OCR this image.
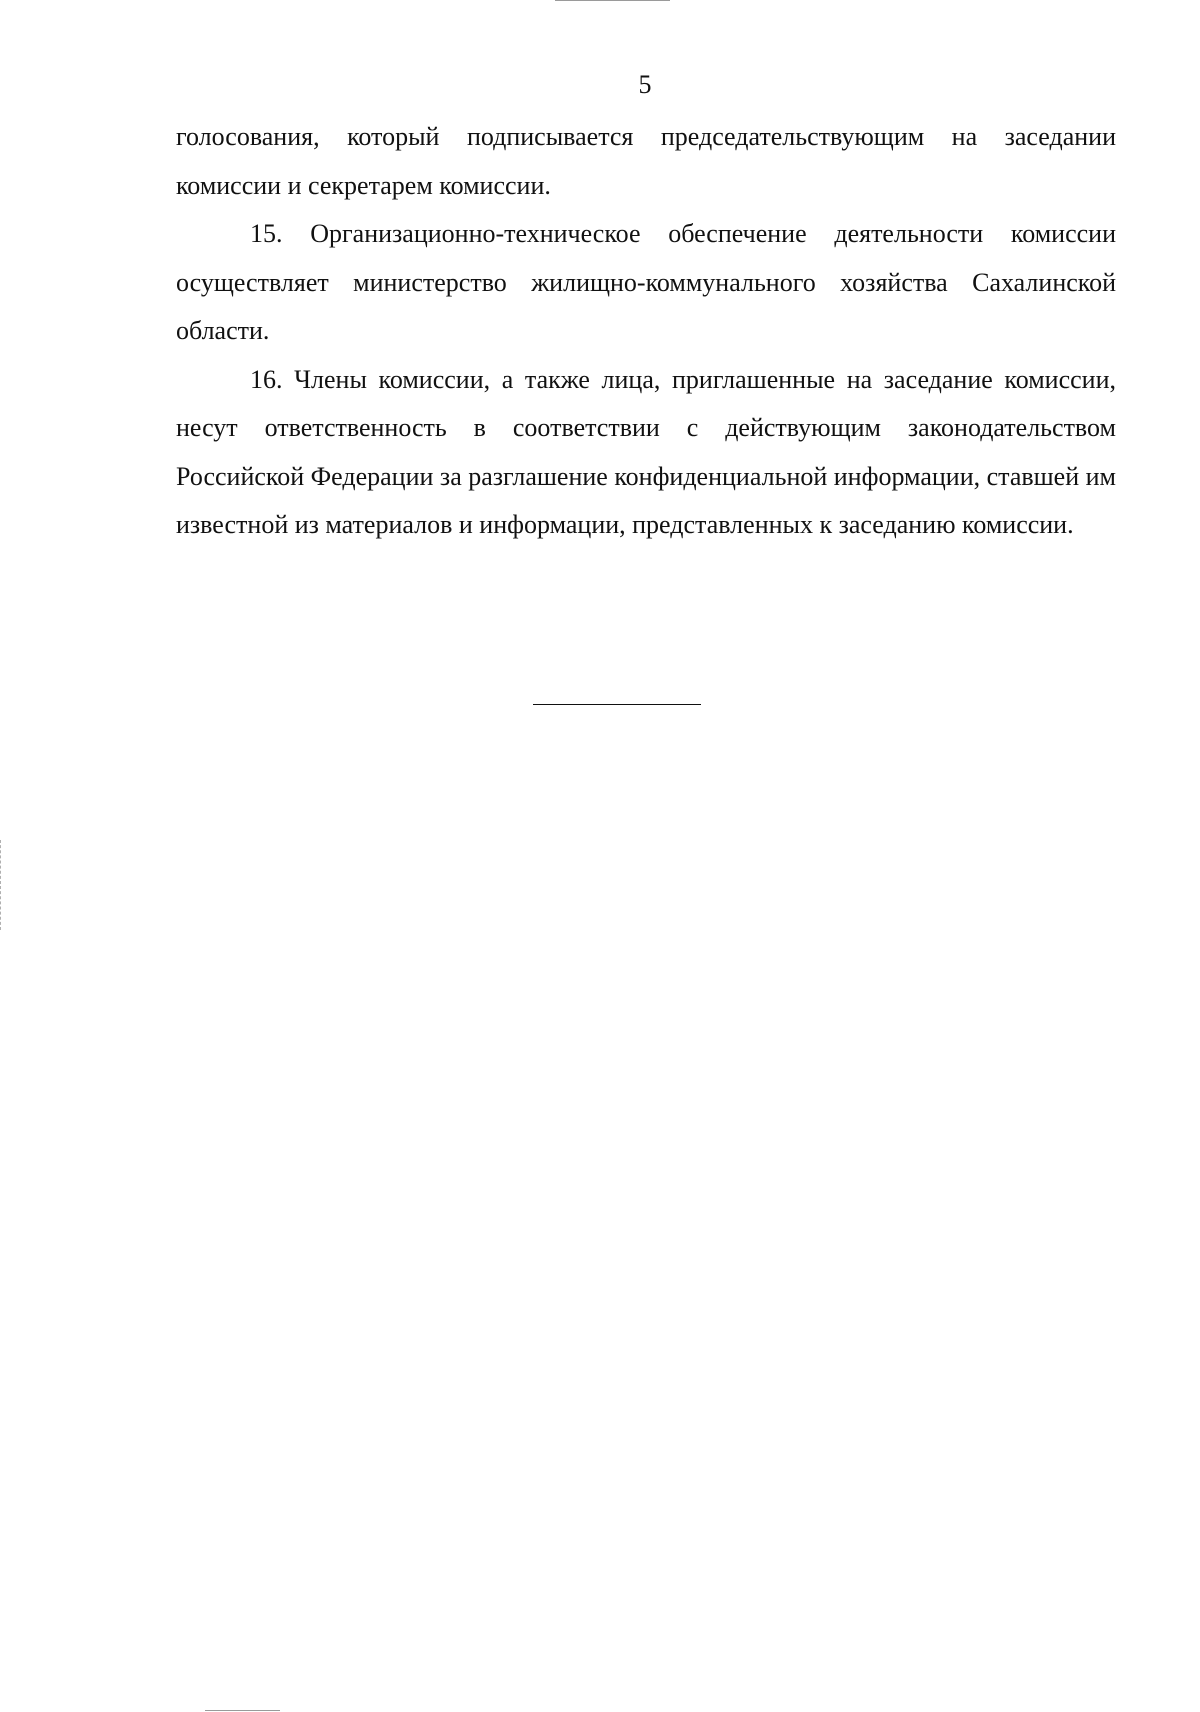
5

голосования, который подписывается председательствующим на заседании комиссии и секретарем комиссии.

15. Организационно-техническое обеспечение деятельности комиссии осуществляет министерство жилищно-коммунального хозяйства Сахалинской области.

16. Члены комиссии, а также лица, приглашенные на заседание комиссии, несут ответственность в соответствии с действующим законодательством Российской Федерации за разглашение конфиденциальной информации, ставшей им известной из материалов и информации, представленных к заседанию комиссии.
